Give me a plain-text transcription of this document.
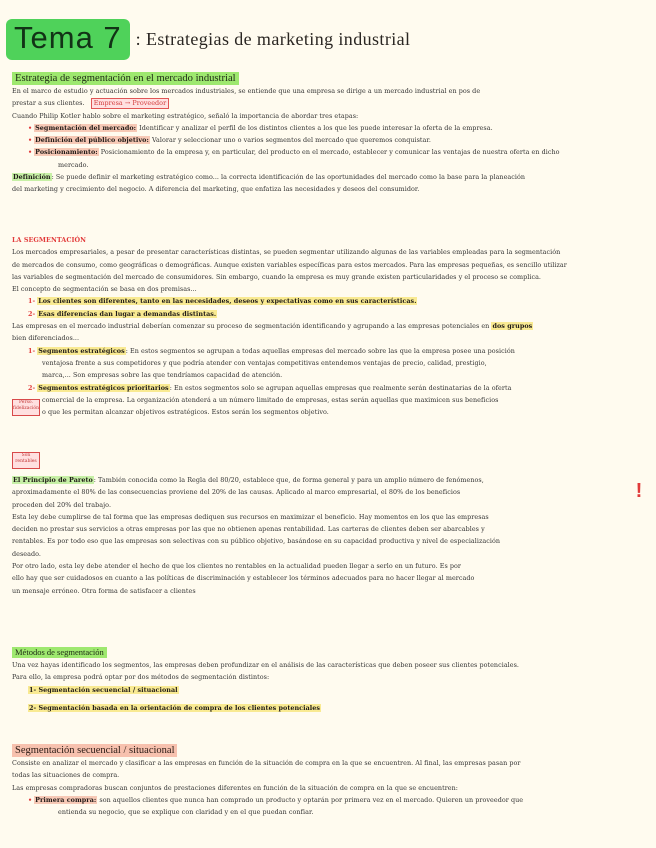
Tema 7 : Estrategias de marketing industrial
Estrategia de segmentación en el mercado industrial

En el marco de estudio y actuación sobre los mercados industriales, se entiende que una empresa se dirige a un mercado industrial en pos de

prestar a sus clientes. Empresa → Proveedor

Cuando Philip Kotler hablo sobre el marketing estratégico, señaló la importancia de abordar tres etapas:

• Segmentación del mercado: Identificar y analizar el perfil de los distintos clientes a los que les puede interesar la oferta de la empresa.

• Definición del público objetivo: Valorar y seleccionar uno o varios segmentos del mercado que queremos conquistar.

• Posicionamiento: Posicionamiento de la empresa y, en particular, del producto en el mercado, establecer y comunicar las ventajas de nuestra oferta en dicho

mercado.

Definición: Se puede definir el marketing estratégico como... la correcta identificación de las oportunidades del mercado como la base para la planeación

del marketing y crecimiento del negocio. A diferencia del marketing, que enfatiza las necesidades y deseos del consumidor.

LA SEGMENTACIÓN

Los mercados empresariales, a pesar de presentar características distintas, se pueden segmentar utilizando algunas de las variables empleadas para la segmentación

de mercados de consumo, como geográficas o demográficas. Aunque existen variables específicas para estos mercados. Para las empresas pequeñas, es sencillo utilizar

las variables de segmentación del mercado de consumidores. Sin embargo, cuando la empresa es muy grande existen particularidades y el proceso se complica.

El concepto de segmentación se basa en dos premisas...

1- Los clientes son diferentes, tanto en las necesidades, deseos y expectativas como en sus características.

2- Esas diferencias dan lugar a demandas distintas.

Las empresas en el mercado industrial deberían comenzar su proceso de segmentación identificando y agrupando a las empresas potenciales en dos grupos

bien diferenciados...

1- Segmentos estratégicos: En estos segmentos se agrupan a todas aquellas empresas del mercado sobre las que la empresa posee una posición

ventajosa frente a sus competidores y que podría atender con ventajas competitivas entendemos ventajas de precio, calidad, prestigio,

marca,... Son empresas sobre las que tendríamos capacidad de atención.

2- Segmentos estratégicos prioritarios: En estos segmentos solo se agrupan aquellas empresas que realmente serán destinatarias de la oferta

comercial de la empresa. La organización atenderá a un número limitado de empresas, estas serán aquellas que maximicen sus beneficios

o que les permitan alcanzar objetivos estratégicos. Estos serán los segmentos objetivo.

Perso. fidelización
Son rentables

El Principio de Pareto: También conocida como la Regla del 80/20, establece que, de forma general y para un amplio número de fenómenos,

aproximadamente el 80% de las consecuencias proviene del 20% de las causas. Aplicado al marco empresarial, el 80% de los beneficios

proceden del 20% del trabajo.

Esta ley debe cumplirse de tal forma que las empresas dediquen sus recursos en maximizar el beneficio. Hay momentos en los que las empresas

deciden no prestar sus servicios a otras empresas por las que no obtienen apenas rentabilidad. Las carteras de clientes deben ser abarcables y

rentables. Es por todo eso que las empresas son selectivas con su público objetivo, basándose en su capacidad productiva y nivel de especialización

deseado.

Por otro lado, esta ley debe atender el hecho de que los clientes no rentables en la actualidad pueden llegar a serlo en un futuro. Es por

ello hay que ser cuidadosos en cuanto a las políticas de discriminación y establecer los términos adecuados para no hacer llegar al mercado

un mensaje erróneo. Otra forma de satisfacer a clientes

!
Métodos de segmentación

Una vez hayas identificado los segmentos, las empresas deben profundizar en el análisis de las características que deben poseer sus clientes potenciales.

Para ello, la empresa podrá optar por dos métodos de segmentación distintos:

1- Segmentación secuencial / situacional

2- Segmentación basada en la orientación de compra de los clientes potenciales

Segmentación secuencial / situacional

Consiste en analizar el mercado y clasificar a las empresas en función de la situación de compra en la que se encuentren. Al final, las empresas pasan por

todas las situaciones de compra.

Las empresas compradoras buscan conjuntos de prestaciones diferentes en función de la situación de compra en la que se encuentren:

• Primera compra: son aquellos clientes que nunca han comprado un producto y optarán por primera vez en el mercado. Quieren un proveedor que

entienda su negocio, que se explique con claridad y en el que puedan confiar.
